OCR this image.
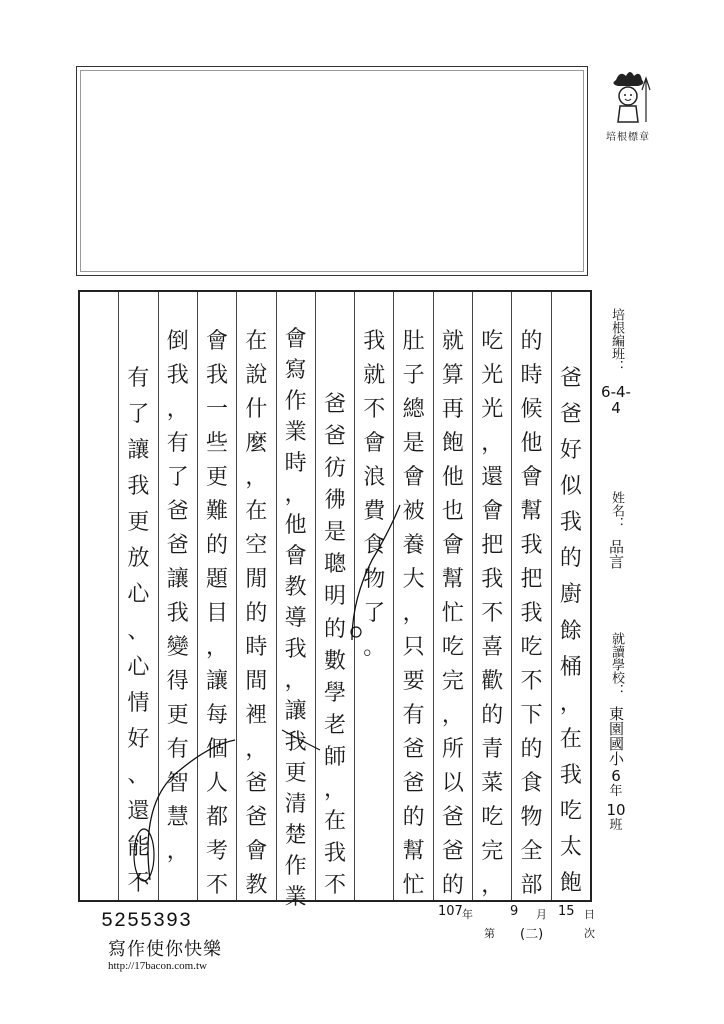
培根標章
培根編班：
6-4-4
姓名：
品言
就讀學校：
東園國小
6
年
10
班
爸
爸
好
似
我
的
廚
餘
桶
，
在
我
吃
太
飽
的
時
候
他
會
幫
我
把
我
吃
不
下
的
食
物
全
部
吃
光
光
，
還
會
把
我
不
喜
歡
的
青
菜
吃
完
，
就
算
再
飽
他
也
會
幫
忙
吃
完
，
所
以
爸
爸
的
肚
子
總
是
會
被
養
大
，
只
要
有
爸
爸
的
幫
忙
我
就
不
會
浪
費
食
物
了
。
爸
爸
彷
彿
是
聰
明
的
數
學
老
師
，
在
我
不
會
寫
作
業
時
，
他
會
教
導
我
，
讓
我
更
清
楚
作
業
在
說
什
麼
，
在
空
閒
的
時
間
裡
，
爸
爸
會
教
會
我
一
些
更
難
的
題
目
，
讓
每
個
人
都
考
不
倒
我
，
有
了
爸
爸
讓
我
變
得
更
有
智
慧
，
有
了
讓
我
更
放
心
、
心
情
好
、
還
能
不
5255393
寫作使你快樂
http://17bacon.com.tw
107 年	9 月 15 日
第 (二)	次
